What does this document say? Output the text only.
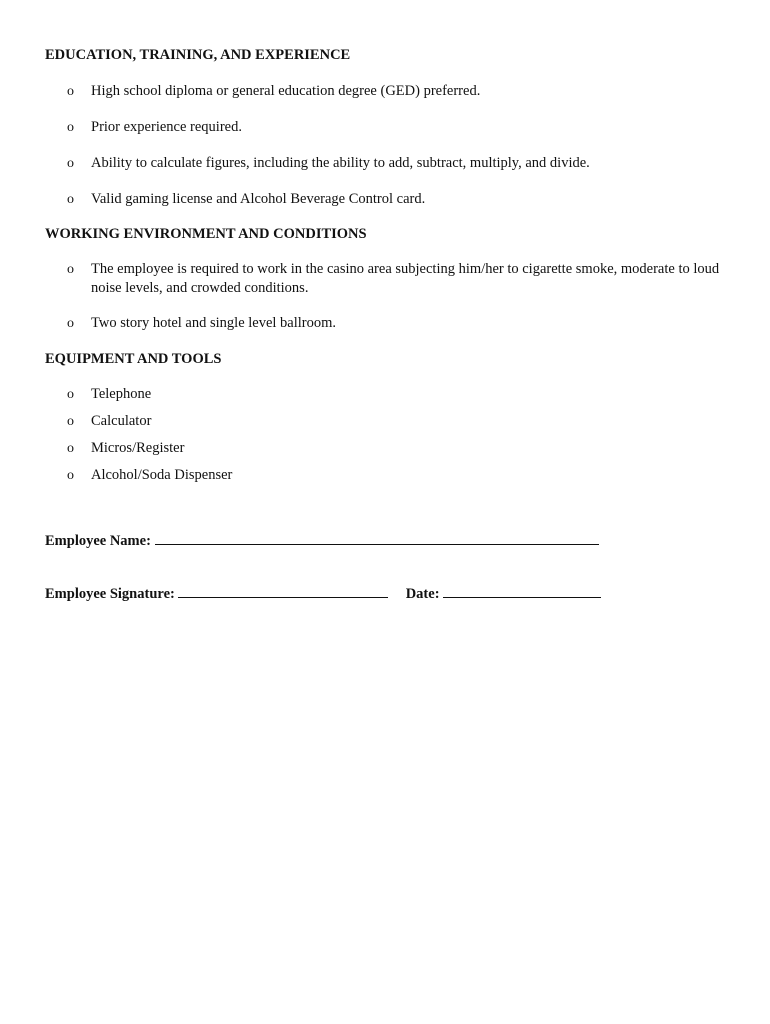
EDUCATION, TRAINING, AND EXPERIENCE
o High school diploma or general education degree (GED) preferred.
o Prior experience required.
o Ability to calculate figures, including the ability to add, subtract, multiply, and divide.
o Valid gaming license and Alcohol Beverage Control card.
WORKING ENVIRONMENT AND CONDITIONS
o The employee is required to work in the casino area subjecting him/her to cigarette smoke, moderate to loud noise levels, and crowded conditions.
o Two story hotel and single level ballroom.
EQUIPMENT AND TOOLS
o Telephone
o Calculator
o Micros/Register
o Alcohol/Soda Dispenser
Employee Name:
Employee Signature:	Date:
